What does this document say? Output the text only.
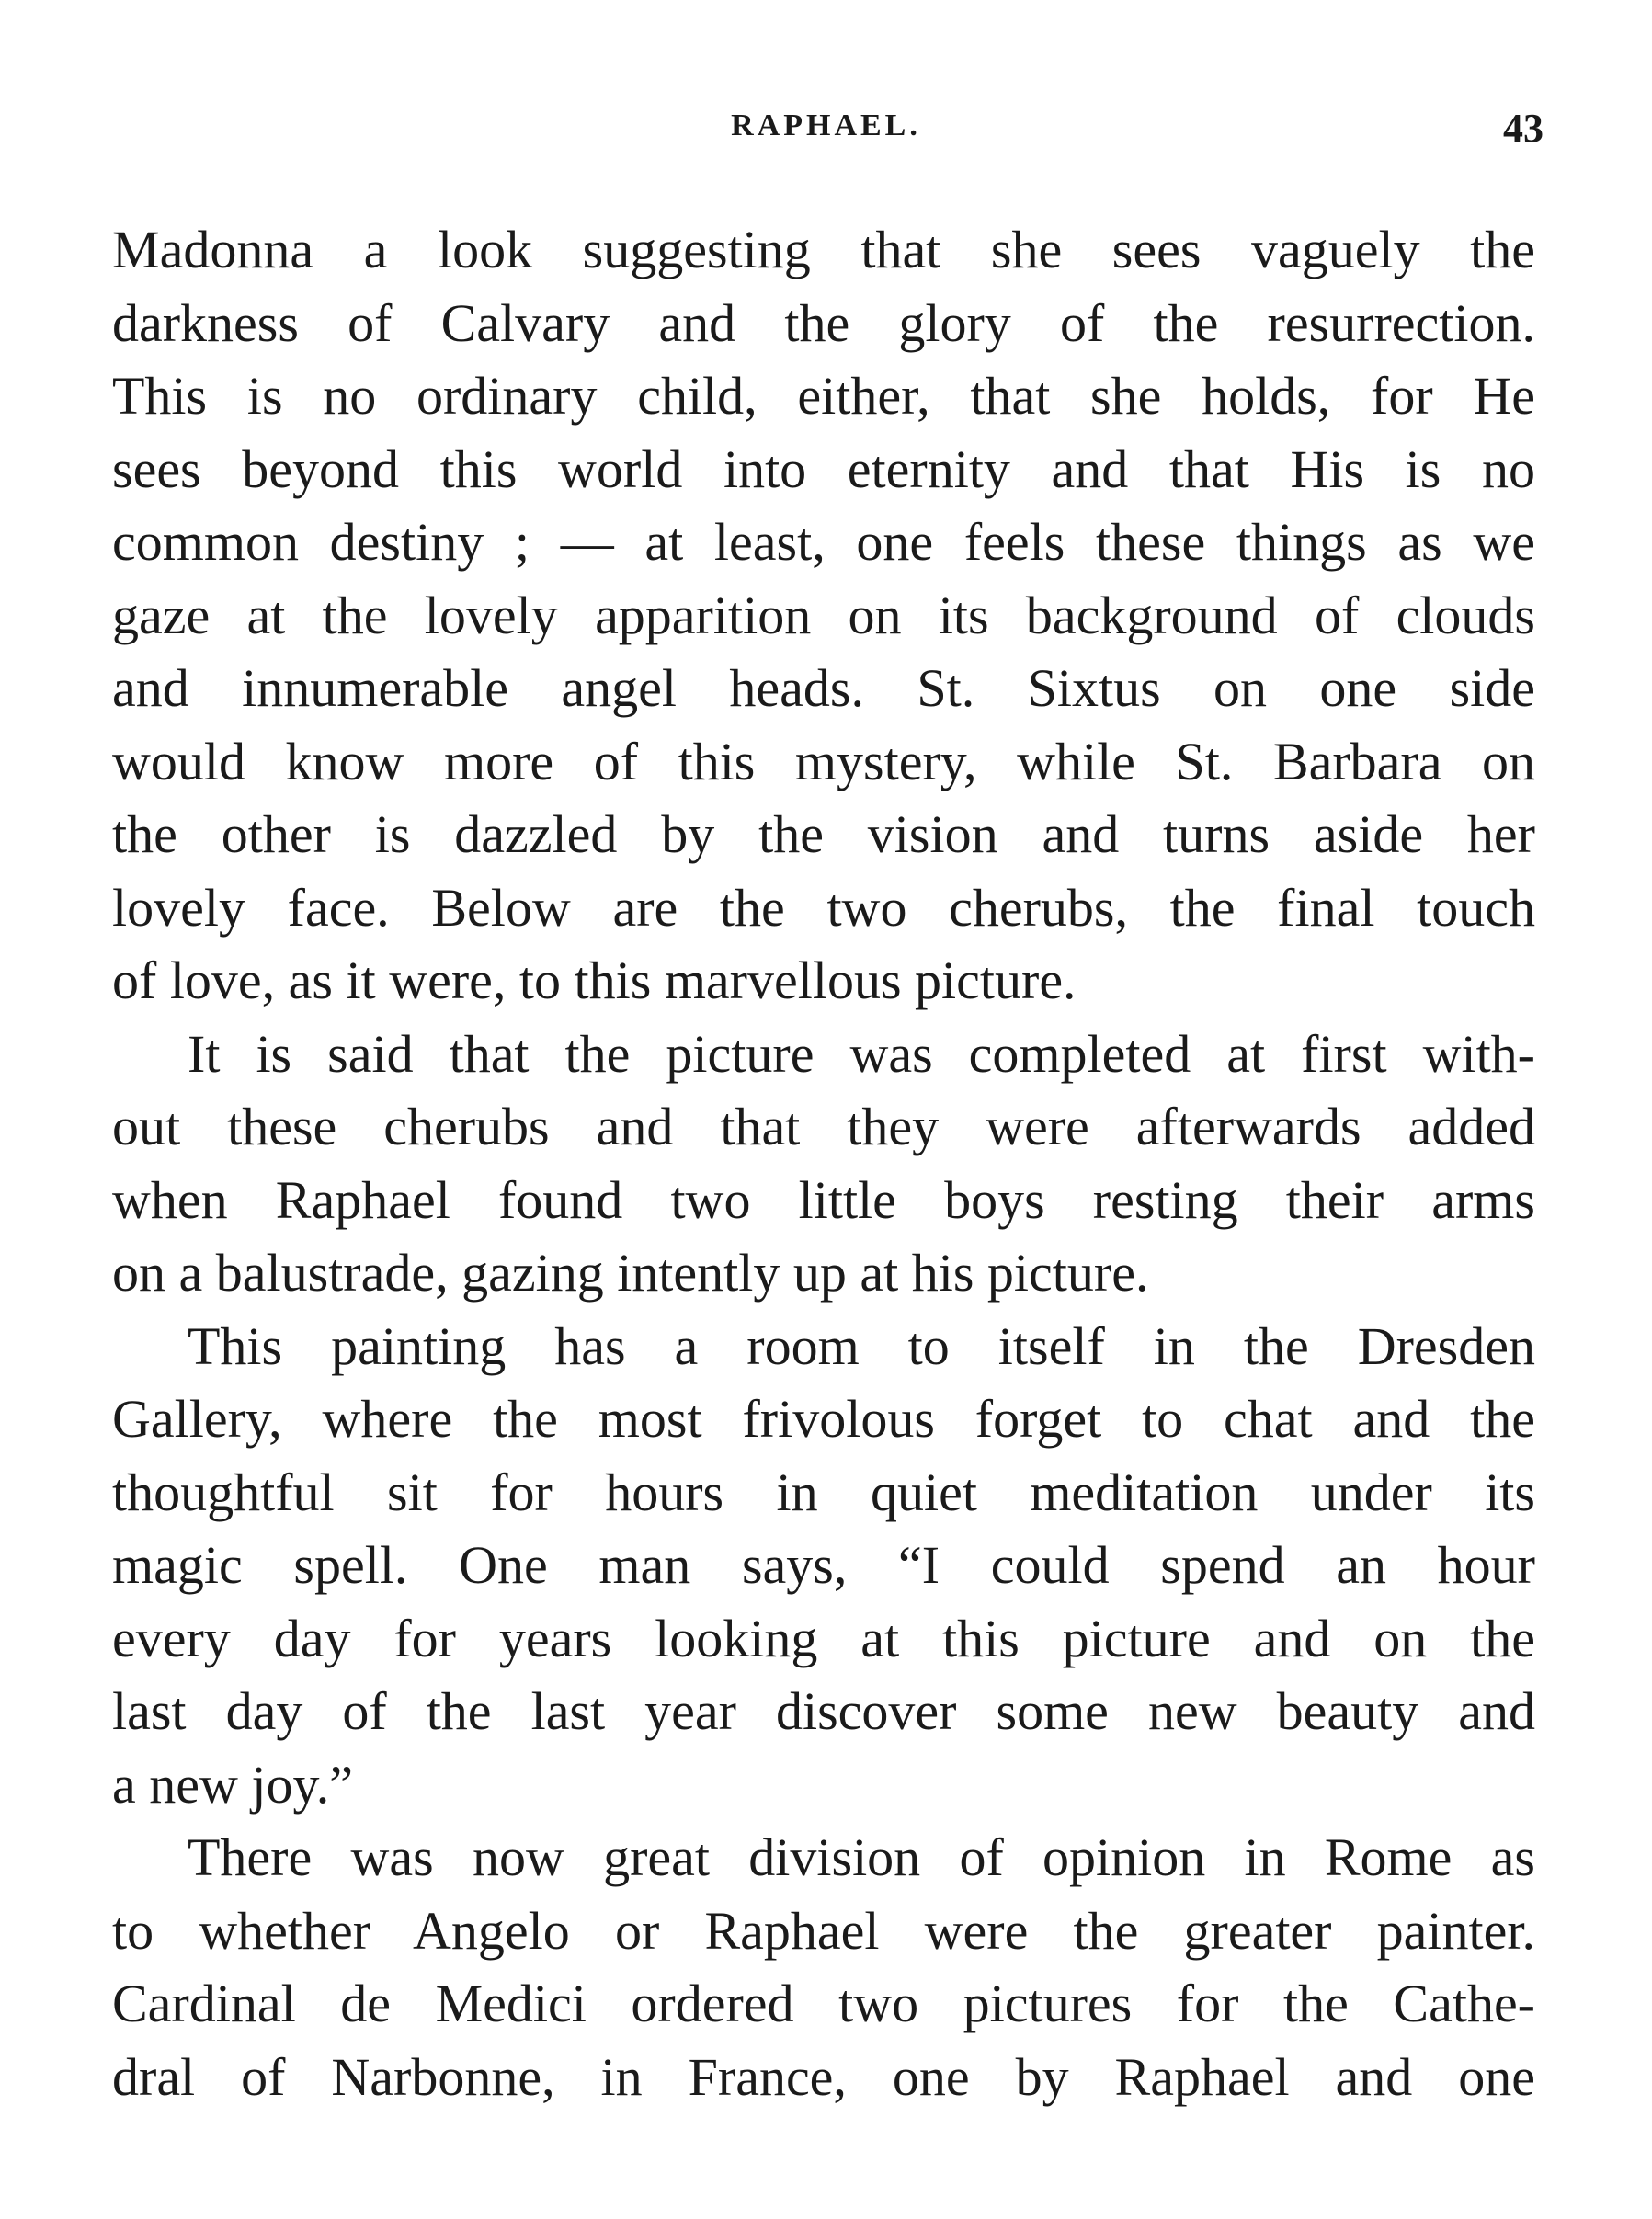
RAPHAEL.	43
Madonna a look suggesting that she sees vaguely the
darkness of Calvary and the glory of the resurrection.
This is no ordinary child, either, that she holds, for He
sees beyond this world into eternity and that His is no
common destiny ; — at least, one feels these things as we
gaze at the lovely apparition on its background of clouds
and innumerable angel heads. St. Sixtus on one side
would know more of this mystery, while St. Barbara on
the other is dazzled by the vision and turns aside her
lovely face. Below are the two cherubs, the final touch
of love, as it were, to this marvellous picture.
It is said that the picture was completed at first with-
out these cherubs and that they were afterwards added
when Raphael found two little boys resting their arms
on a balustrade, gazing intently up at his picture.
This painting has a room to itself in the Dresden
Gallery, where the most frivolous forget to chat and the
thoughtful sit for hours in quiet meditation under its
magic spell. One man says, “I could spend an hour
every day for years looking at this picture and on the
last day of the last year discover some new beauty and
a new joy.”
There was now great division of opinion in Rome as
to whether Angelo or Raphael were the greater painter.
Cardinal de Medici ordered two pictures for the Cathe-
dral of Narbonne, in France, one by Raphael and one
